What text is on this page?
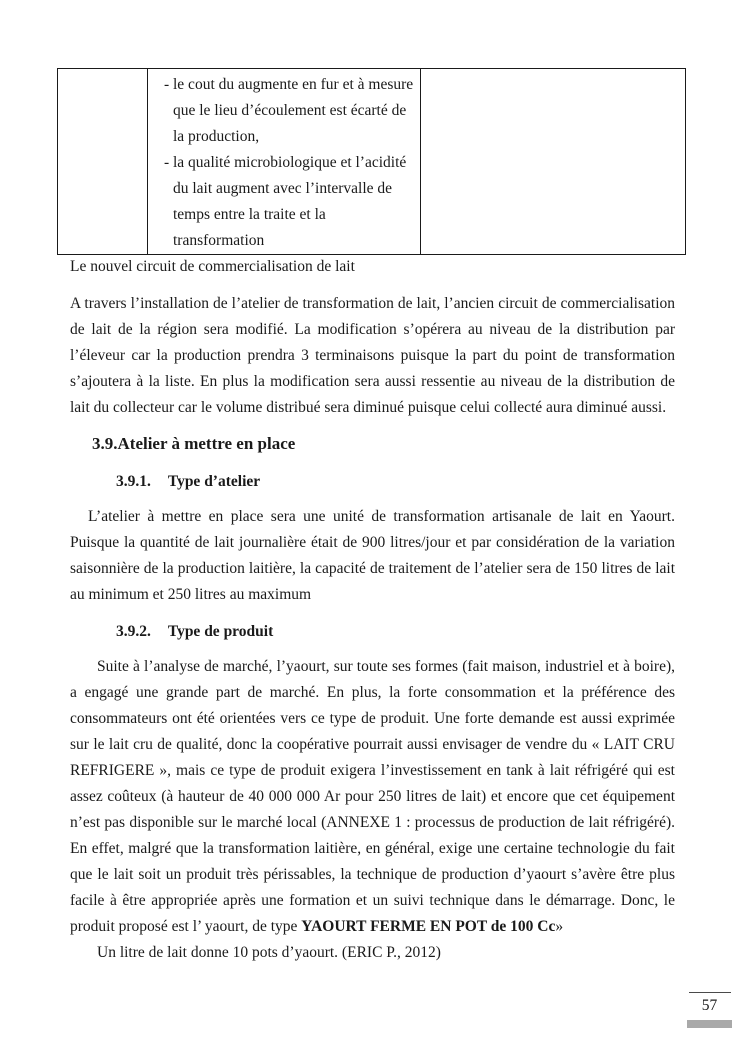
- le cout du augmente en fur et à mesure que le lieu d’écoulement est écarté de la production,
- la qualité microbiologique et l’acidité du lait augment avec l’intervalle de temps entre la traite et la transformation

Le nouvel circuit de commercialisation de lait

A travers l’installation de l’atelier de transformation de lait, l’ancien circuit de commercialisation de lait de la région sera modifié. La modification s’opérera au niveau de la distribution par l’éleveur car la production prendra 3 terminaisons puisque la part du point de transformation s’ajoutera à la liste. En plus la modification sera aussi ressentie au niveau de la distribution de lait du collecteur car le volume distribué sera diminué puisque celui collecté aura diminué aussi.

3.9.Atelier à mettre en place
3.9.1. Type d’atelier

L’atelier à mettre en place sera une unité de transformation artisanale de lait en Yaourt. Puisque la quantité de lait journalière était de 900 litres/jour et par considération de la variation saisonnière de la production laitière, la capacité de traitement de l’atelier sera de 150 litres de lait au minimum et 250 litres au maximum

3.9.2. Type de produit

Suite à l’analyse de marché, l’yaourt, sur toute ses formes (fait maison, industriel et à boire), a engagé une grande part de marché. En plus, la forte consommation et la préférence des consommateurs ont été orientées vers ce type de produit. Une forte demande est aussi exprimée sur le lait cru de qualité, donc la coopérative pourrait aussi envisager de vendre du « LAIT CRU REFRIGERE », mais ce type de produit exigera l’investissement en tank à lait réfrigéré qui est assez coûteux (à hauteur de 40 000 000 Ar pour 250 litres de lait) et encore que cet équipement n’est pas disponible sur le marché local (ANNEXE 1 : processus de production de lait réfrigéré). En effet, malgré que la transformation laitière, en général, exige une certaine technologie du fait que le lait soit un produit très périssables, la technique de production d’yaourt s’avère être plus facile à être appropriée après une formation et un suivi technique dans le démarrage. Donc, le produit proposé est l’ yaourt, de type YAOURT FERME EN POT de 100 Cc»

Un litre de lait donne 10 pots d’yaourt. (ERIC P., 2012)

57
